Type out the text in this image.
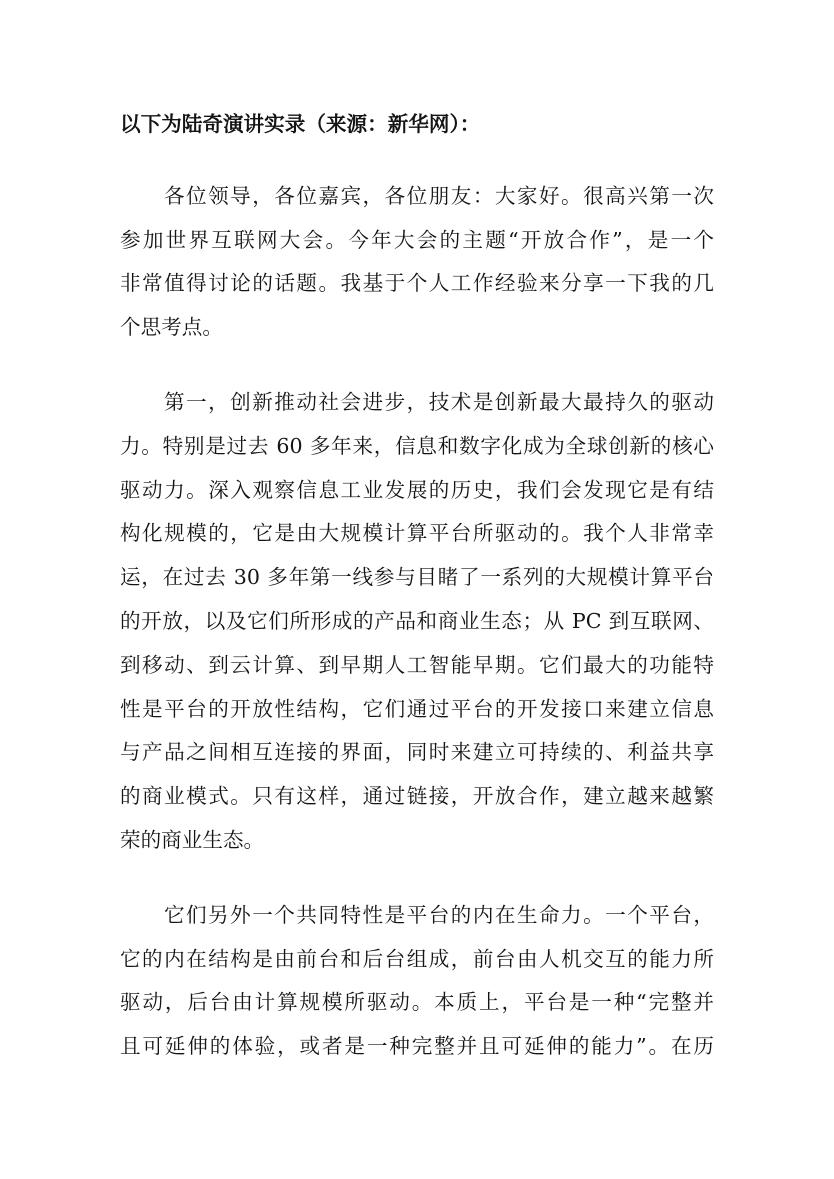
以下为陆奇演讲实录（来源：新华网）：
各位领导，各位嘉宾，各位朋友：大家好。很高兴第一次
参加世界互联网大会。今年大会的主题“开放合作”，是一个
非常值得讨论的话题。我基于个人工作经验来分享一下我的几
个思考点。
第一，创新推动社会进步，技术是创新最大最持久的驱动
力。特别是过去 60 多年来，信息和数字化成为全球创新的核心
驱动力。深入观察信息工业发展的历史，我们会发现它是有结
构化规模的，它是由大规模计算平台所驱动的。我个人非常幸
运，在过去 30 多年第一线参与目睹了一系列的大规模计算平台
的开放，以及它们所形成的产品和商业生态；从 PC 到互联网、
到移动、到云计算、到早期人工智能早期。它们最大的功能特
性是平台的开放性结构，它们通过平台的开发接口来建立信息
与产品之间相互连接的界面，同时来建立可持续的、利益共享
的商业模式。只有这样，通过链接，开放合作，建立越来越繁
荣的商业生态。
它们另外一个共同特性是平台的内在生命力。一个平台，
它的内在结构是由前台和后台组成，前台由人机交互的能力所
驱动，后台由计算规模所驱动。本质上，平台是一种“完整并
且可延伸的体验，或者是一种完整并且可延伸的能力”。在历
